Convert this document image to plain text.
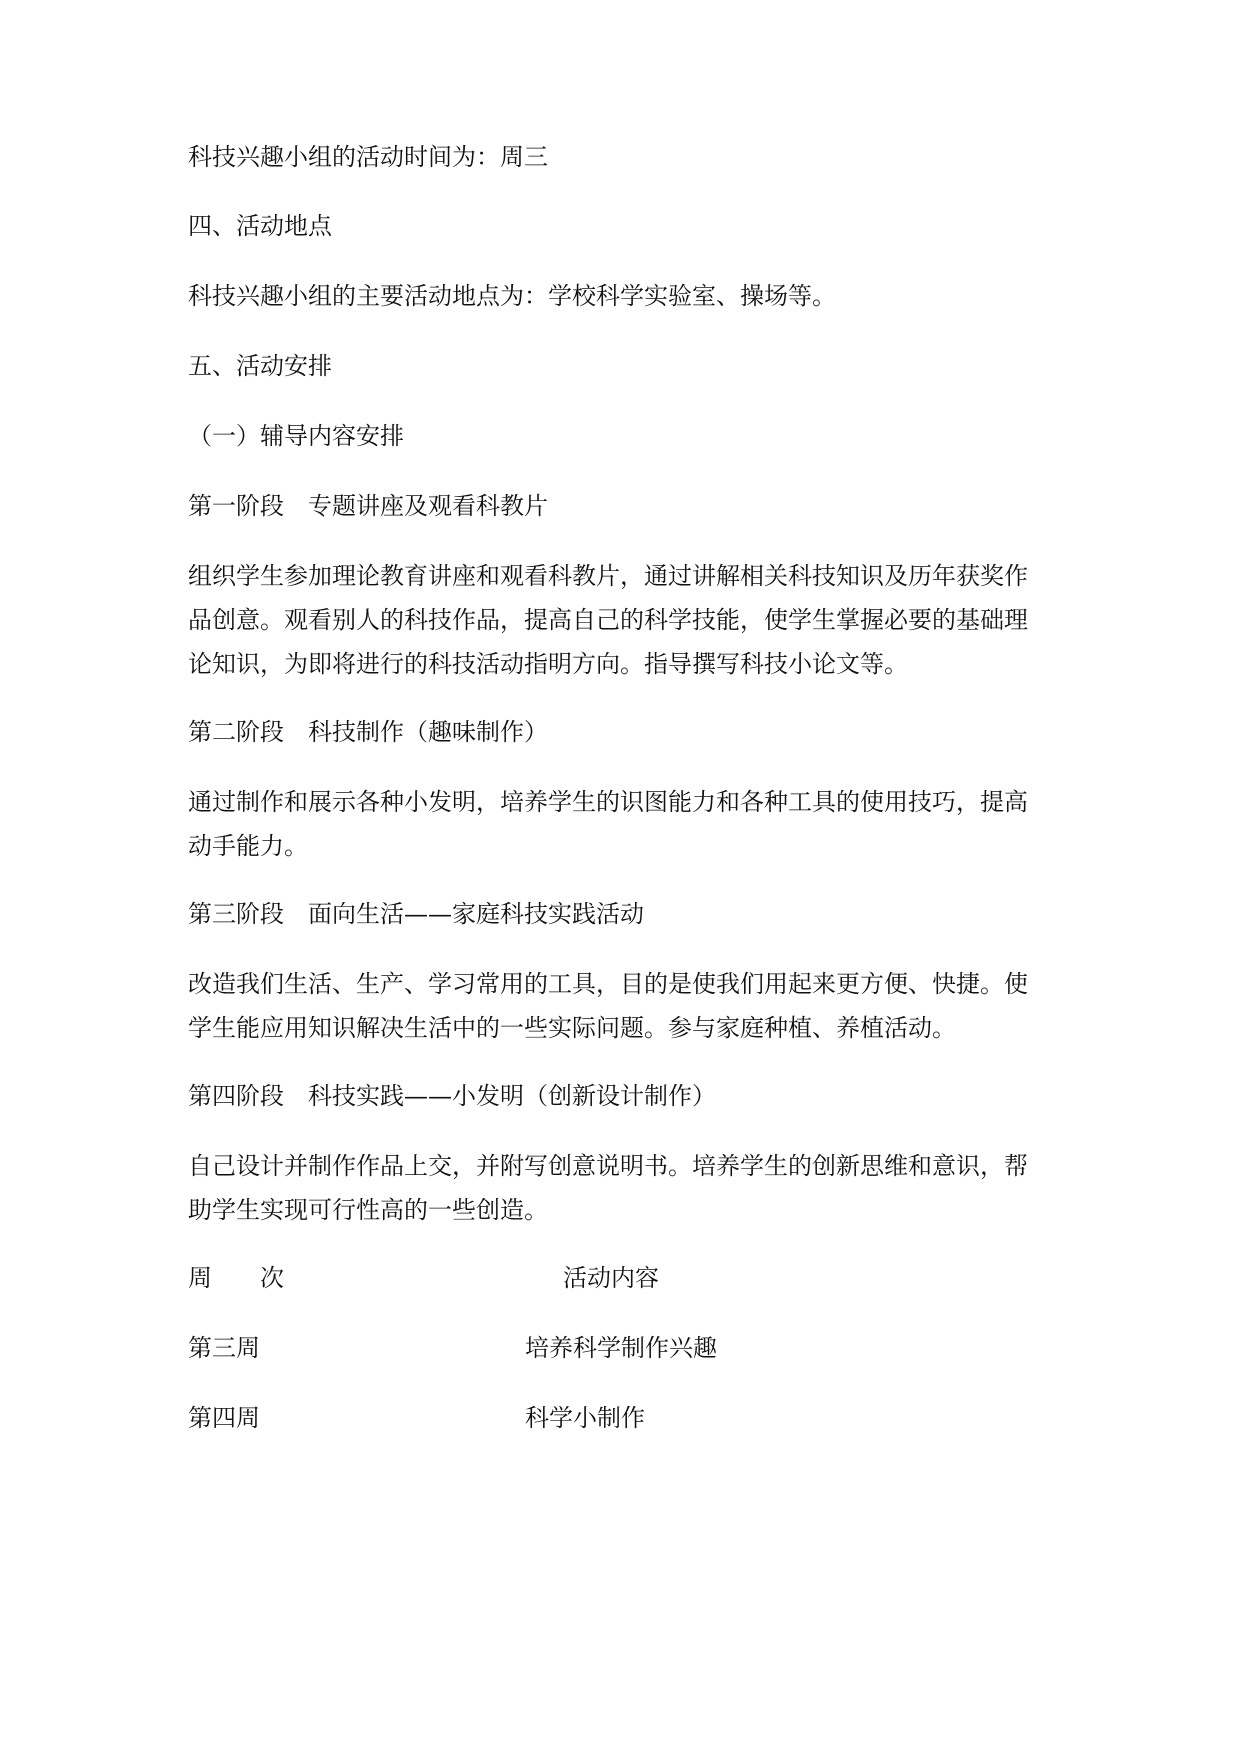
科技兴趣小组的活动时间为：周三

四、活动地点

科技兴趣小组的主要活动地点为：学校科学实验室、操场等。

五、活动安排

（一）辅导内容安排

第一阶段　专题讲座及观看科教片

组织学生参加理论教育讲座和观看科教片，通过讲解相关科技知识及历年获奖作

品创意。观看别人的科技作品，提高自己的科学技能，使学生掌握必要的基础理

论知识，为即将进行的科技活动指明方向。指导撰写科技小论文等。

第二阶段　科技制作（趣味制作）

通过制作和展示各种小发明，培养学生的识图能力和各种工具的使用技巧，提高

动手能力。

第三阶段　面向生活——家庭科技实践活动

改造我们生活、生产、学习常用的工具，目的是使我们用起来更方便、快捷。使

学生能应用知识解决生活中的一些实际问题。参与家庭种植、养植活动。

第四阶段　科技实践——小发明（创新设计制作）

自己设计并制作作品上交，并附写创意说明书。培养学生的创新思维和意识，帮

助学生实现可行性高的一些创造。

周　　次	活动内容
第三周	培养科学制作兴趣
第四周	科学小制作
